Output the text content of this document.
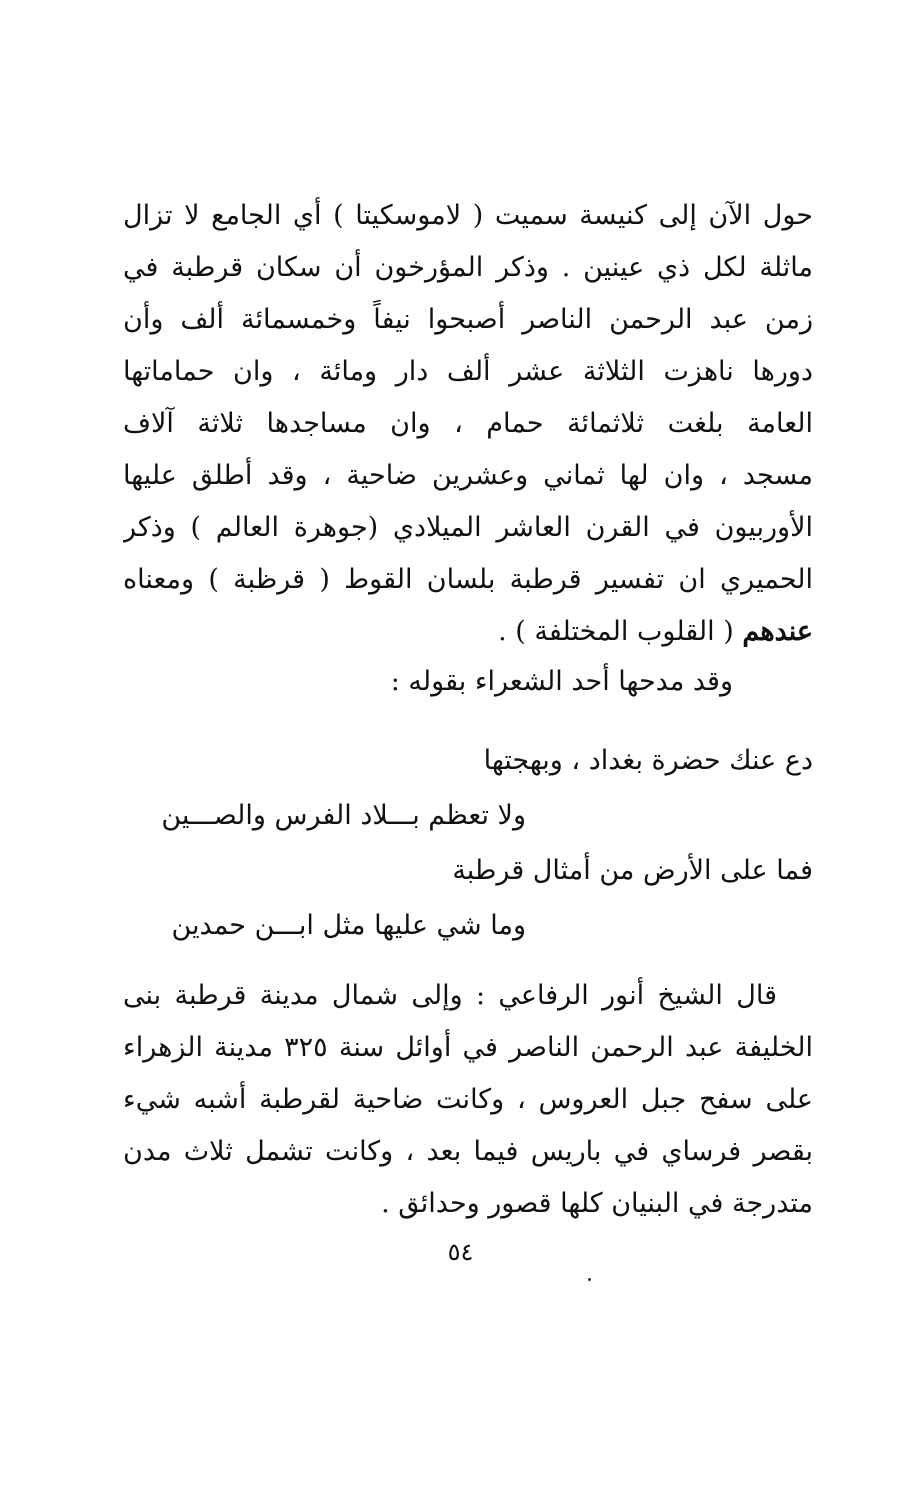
حول الآن إلى كنيسة سميت ( لاموسكيتا ) أي الجامع لا تزال
ماثلة لكل ذي عينين . وذكر المؤرخون أن سكان قرطبة في
زمن عبد الرحمن الناصر أصبحوا نيفاً وخمسمائة ألف وأن
دورها ناهزت الثلاثة عشر ألف دار ومائة ، وان حماماتها
العامة بلغت ثلاثمائة حمام ، وان مساجدها ثلاثة آلاف
مسجد ، وان لها ثماني وعشرين ضاحية ، وقد أطلق عليها
الأوربيون في القرن العاشر الميلادي (جوهرة العالم ) وذكر
الحميري ان تفسير قرطبة بلسان القوط ( قرظبة ) ومعناه
عندهم ( القلوب المختلفة ) .
وقد مدحها أحد الشعراء بقوله :
دع عنك حضرة بغداد ، وبهجتها
ولا تعظم بـــلاد الفرس والصـــين
فما على الأرض من أمثال قرطبة
وما شي عليها مثل ابـــن حمدين
قال الشيخ أنور الرفاعي : وإلى شمال مدينة قرطبة بنى
الخليفة عبد الرحمن الناصر في أوائل سنة ٣٢٥ مدينة الزهراء
على سفح جبل العروس ، وكانت ضاحية لقرطبة أشبه شيء
بقصر فرساي في باريس فيما بعد ، وكانت تشمل ثلاث مدن
متدرجة في البنيان كلها قصور وحدائق .
٥٤
